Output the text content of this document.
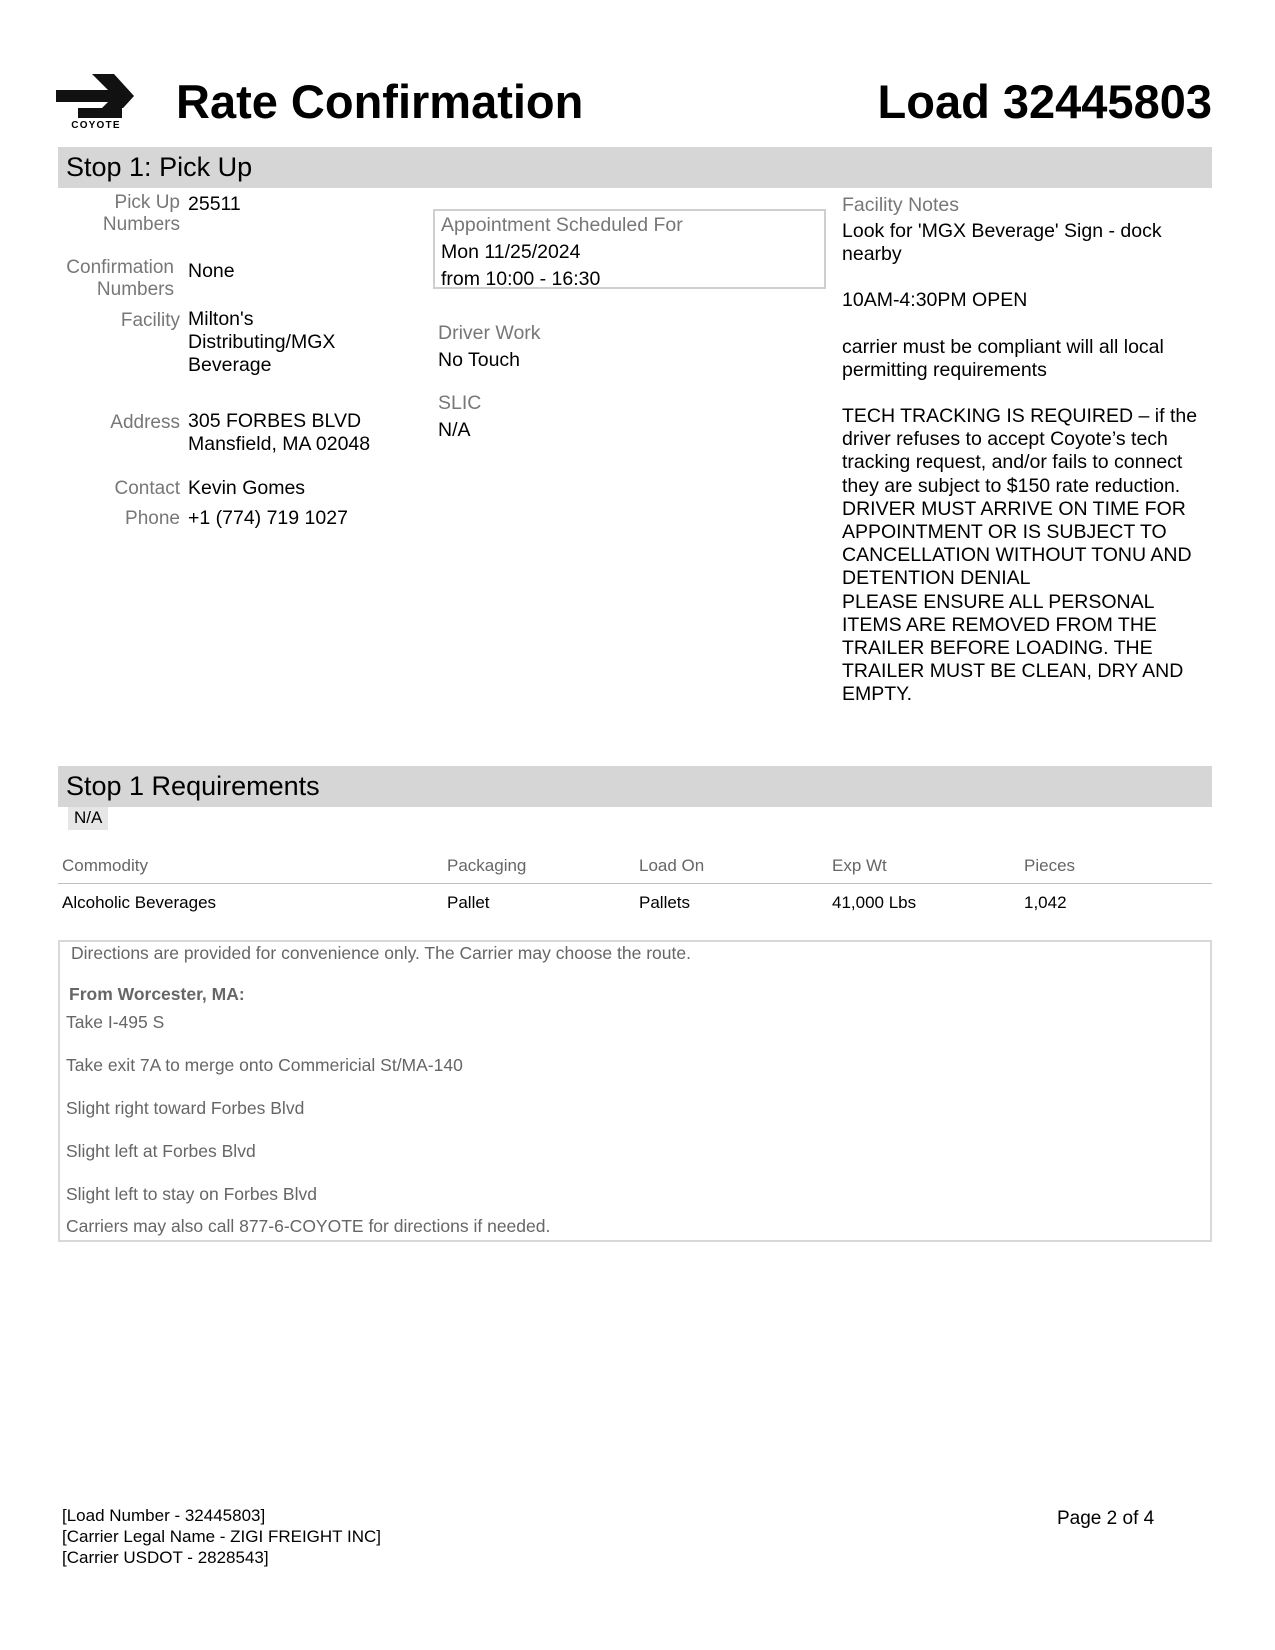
COYOTE	Rate Confirmation	Load 32445803
Stop 1: Pick Up
Pick Up
Numbers
25511
Confirmation
Numbers
None
Facility Milton's
Distributing/MGX
Beverage
Address 305 FORBES BLVD
Mansfield, MA 02048
Contact Kevin Gomes
Phone +1 (774) 719 1027
Appointment Scheduled For
Mon 11/25/2024
from 10:00 - 16:30
Driver Work
No Touch
SLIC
N/A
Facility Notes

Look for 'MGX Beverage' Sign - dock nearby

10AM-4:30PM OPEN

carrier must be compliant will all local permitting requirements

TECH TRACKING IS REQUIRED – if the driver refuses to accept Coyote’s tech tracking request, and/or fails to connect they are subject to $150 rate reduction.

DRIVER MUST ARRIVE ON TIME FOR APPOINTMENT OR IS SUBJECT TO CANCELLATION WITHOUT TONU AND DETENTION DENIAL

PLEASE ENSURE ALL PERSONAL ITEMS ARE REMOVED FROM THE TRAILER BEFORE LOADING. THE TRAILER MUST BE CLEAN, DRY AND EMPTY.

Stop 1 Requirements
N/A
Commodity	Packaging	Load On	Exp Wt	Pieces
Alcoholic Beverages	Pallet	Pallets	41,000 Lbs	1,042
Directions are provided for convenience only. The Carrier may choose the route.
From Worcester, MA:
Take I-495 S
Take exit 7A to merge onto Commericial St/MA-140
Slight right toward Forbes Blvd
Slight left at Forbes Blvd
Slight left to stay on Forbes Blvd
Carriers may also call 877-6-COYOTE for directions if needed.
[Load Number - 32445803]
[Carrier Legal Name - ZIGI FREIGHT INC]
[Carrier USDOT - 2828543]
Page 2 of 4
